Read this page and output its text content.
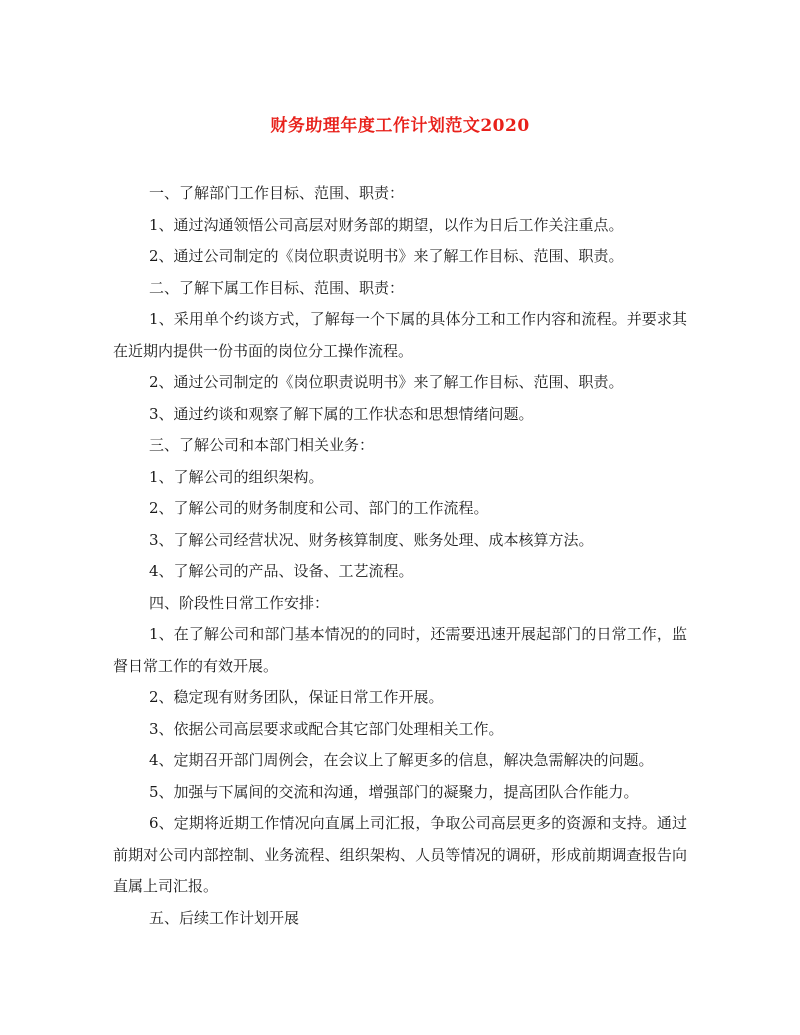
财务助理年度工作计划范文2020

一、了解部门工作目标、范围、职责：

1、通过沟通领悟公司高层对财务部的期望，以作为日后工作关注重点。

2、通过公司制定的《岗位职责说明书》来了解工作目标、范围、职责。

二、了解下属工作目标、范围、职责：

1、采用单个约谈方式，了解每一个下属的具体分工和工作内容和流程。并要求其在近期内提供一份书面的岗位分工操作流程。

2、通过公司制定的《岗位职责说明书》来了解工作目标、范围、职责。

3、通过约谈和观察了解下属的工作状态和思想情绪问题。

三、了解公司和本部门相关业务：

1、了解公司的组织架构。

2、了解公司的财务制度和公司、部门的工作流程。

3、了解公司经营状况、财务核算制度、账务处理、成本核算方法。

4、了解公司的产品、设备、工艺流程。

四、阶段性日常工作安排：

1、在了解公司和部门基本情况的的同时，还需要迅速开展起部门的日常工作，监督日常工作的有效开展。

2、稳定现有财务团队，保证日常工作开展。

3、依据公司高层要求或配合其它部门处理相关工作。

4、定期召开部门周例会，在会议上了解更多的信息，解决急需解决的问题。

5、加强与下属间的交流和沟通，增强部门的凝聚力，提高团队合作能力。

6、定期将近期工作情况向直属上司汇报，争取公司高层更多的资源和支持。通过前期对公司内部控制、业务流程、组织架构、人员等情况的调研，形成前期调查报告向直属上司汇报。

五、后续工作计划开展
